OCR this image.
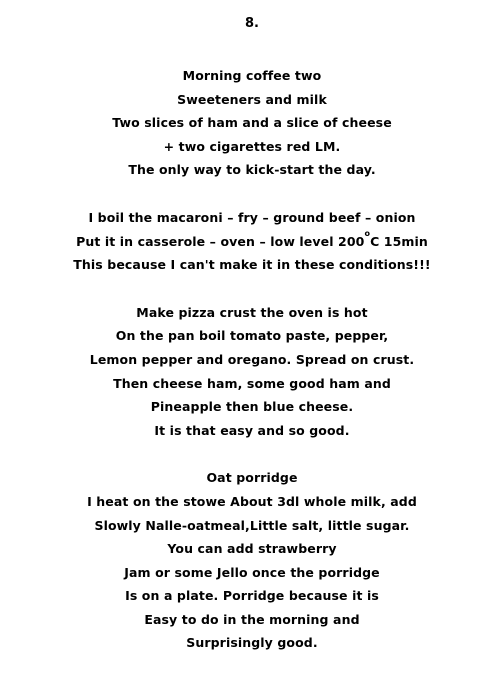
8.
Morning coffee two
Sweeteners and milk
Two slices of ham and a slice of cheese
+ two cigarettes red LM.
The only way to kick-start the day.
I boil the macaroni – fry – ground beef – onion
Put it in casserole – oven – low level 200$^o$C 15min
This because I can't make it in these conditions!!!
Make pizza crust the oven is hot
On the pan boil tomato paste, pepper,
Lemon pepper and oregano. Spread on crust.
Then cheese ham, some good ham and
Pineapple then blue cheese.
It is that easy and so good.
Oat porridge
I heat on the stowe About 3dl whole milk, add
Slowly Nalle-oatmeal,Little salt, little sugar.
You can add strawberry
Jam or some Jello once the porridge
Is on a plate. Porridge because it is
Easy to do in the morning and
Surprisingly good.
